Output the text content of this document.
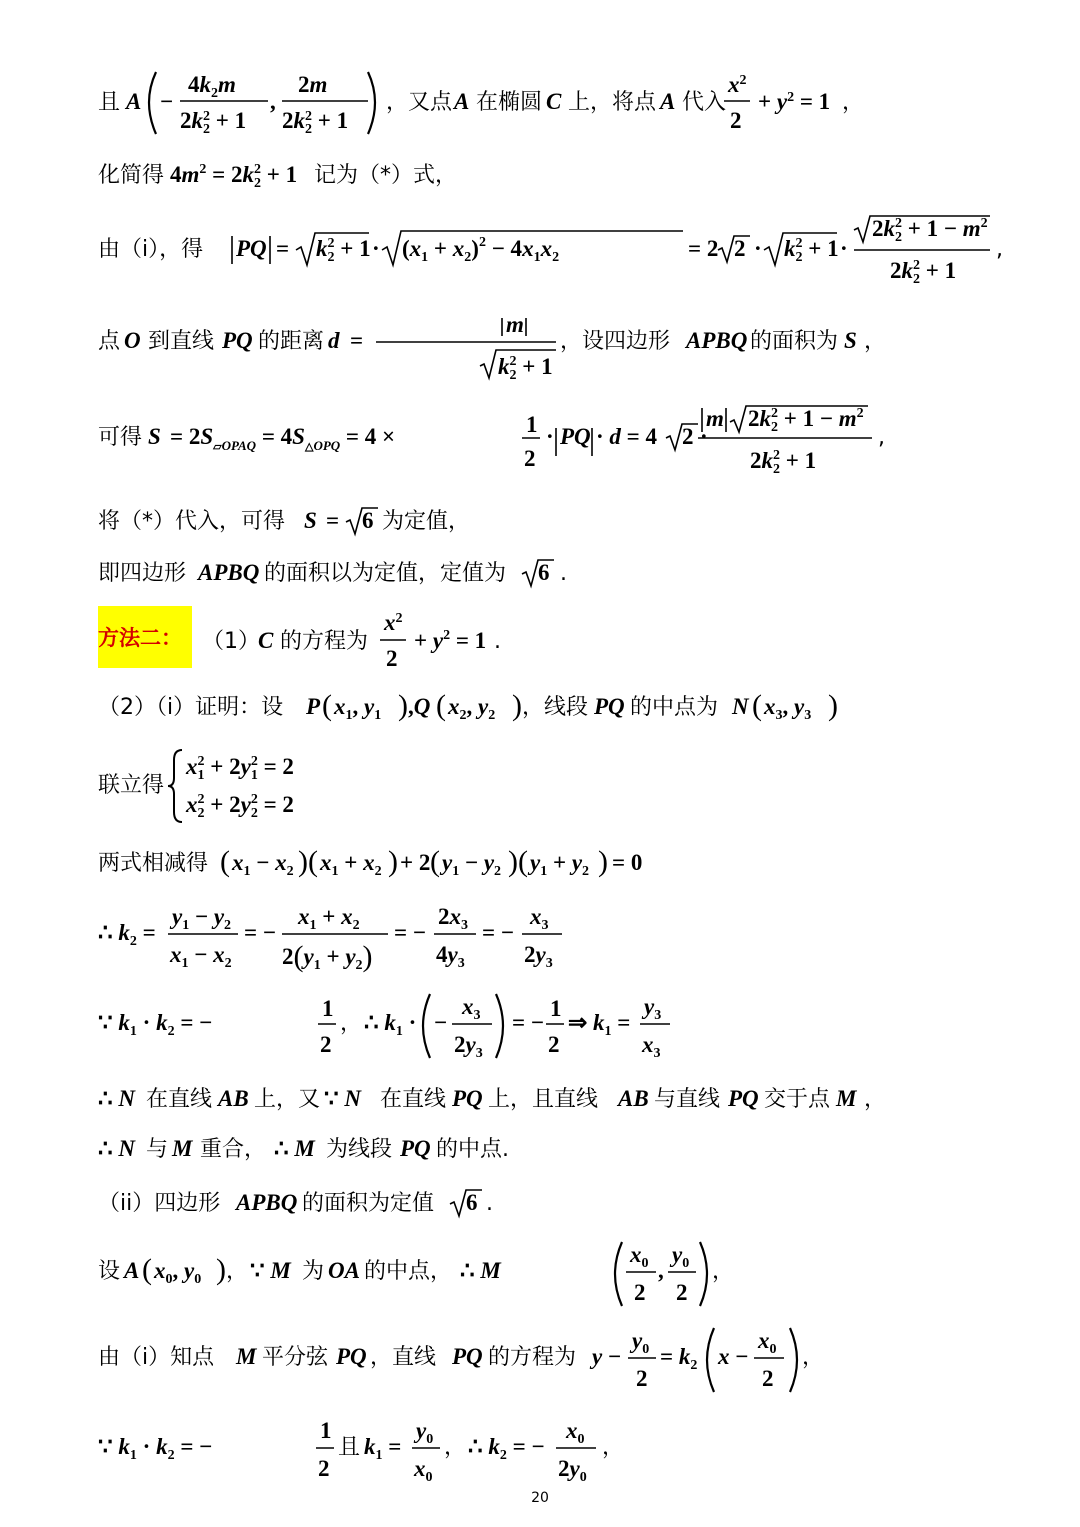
且 A −
$4k_2m$
$2k^2$ 2 + 1
,
2m
$2k^2$ 2 + 1
，又点 A 在椭圆 C 上，将点 A 代入
$x^2$
2
+ $y^2 = 1$ ，
化简得 $4m^2 = 2k^2$ 2 + 1 记为（*）式，
由（i），得 PQ = $k^2$ $2 + 1 \cdot (x_1 + x_2)^2 - 4x_1x_2$	= 2 $2 \cdot k^2$ 2 + 1 ·
$2k^2$ $2 + 1 - m^2$
$2k^2$ 2 + 1
,
点 O 到直线 PQ 的距离 d =
m
$k^2$ 2 + 1
，设四边形 APBQ 的面积为 S ，
可得 $S = 2S_▱OPAQ = 4S_\triangle OPQ = 4$ ×	1
2
· PQ · d = 4 2 ·
m $2k^2$ $2 + 1 - m^2$
$2k^2$ 2 + 1
,
将（*）代入，可得 S = 6 为定值，
即四边形 APBQ 的面积以为定值，定值为 6 .
方法二： （1）
C 的方程为
$x^2$
2
+ $y^2 = 1$ .
（2）（i）证明：设 P ( $x_1$, $y_1$ ) ,Q ( $x_2$, $y_2$ ) ，线段 PQ 的中点为 N ( $x_3$, $y_3$ )
联立得
$x^2$ $1 + 2y^2$ 1 = 2
$x^2$ $2 + 2y^2$ 2 = 2
两式相减得 ( $x_1 - x_2$ )( $x_1 + x_2$ ) + 2 ( $y_1 - y_2$ )( $y_1 + y_2$ ) = 0
∴ $k_2$ =
$y_1 - y_2$
$x_1 - x_2$
= −
$x_1 + x_2$
$2(y_1 + y_2)$
= −
$2x_3$
$4y_3$
= −
$x_3$
$2y_3$
∵ $k_1 \cdot k_2$ = −
1
2
， ∴ $k_1$ · −
$x_3$
$2y_3$
= −
1
2
⇒ $k_1$ =
$y_3$
$x_3$
∴ N 在直线 AB 上，又 ∵ N 在直线 PQ 上，且直线 AB 与直线 PQ 交于点 M ，
∴ N 与 M 重合， ∴ M 为线段 PQ 的中点.
（ii）四边形 APBQ 的面积为定值 6 .
设 A ( $x_0$, $y_0$ ) ， ∵ M 为 OA 的中点， ∴ M
$x_0$
2
,
$y_0$
2
，
由（i）知点 M 平分弦 PQ ，直线 PQ 的方程为 y −
$y_0$
2
= $k_2$ x −
$x_0$
2
，
∵ $k_1 \cdot k_2$ = −
1
2
且 $k_1$ =
$y_0$
$x_0$
， ∴ $k_2$ = −
$x_0$
$2y_0$
，
20
